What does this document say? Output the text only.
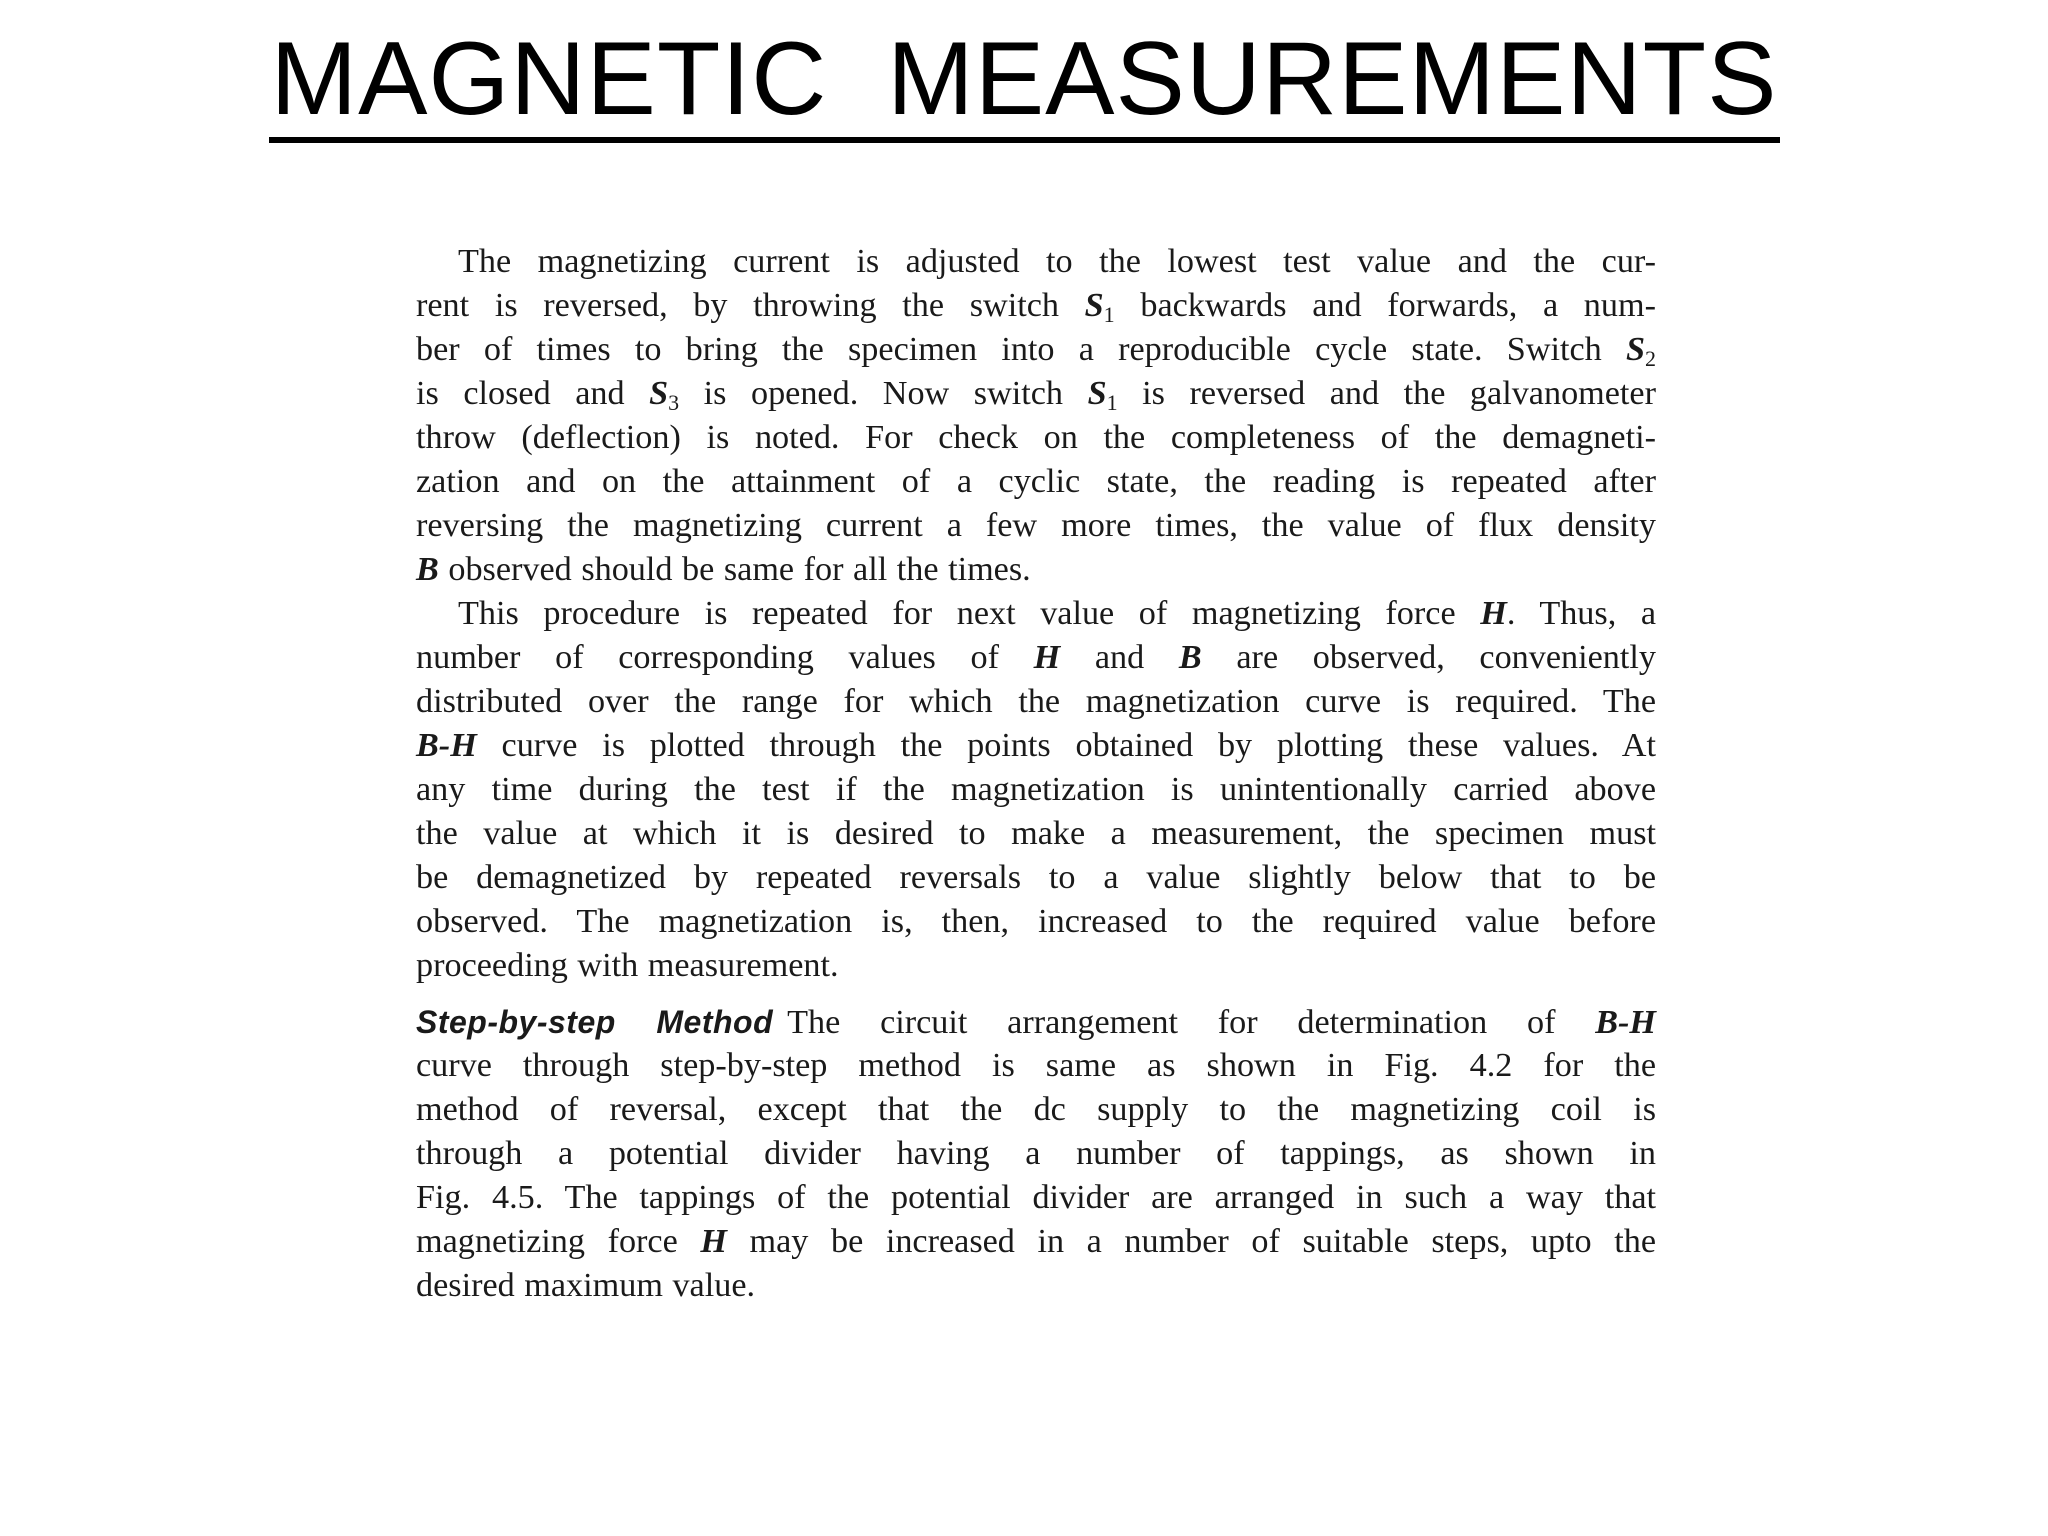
MAGNETIC  MEASUREMENTS
The magnetizing current is adjusted to the lowest test value and the cur-
rent is reversed, by throwing the switch $S_1$ backwards and forwards, a num-
ber of times to bring the specimen into a reproducible cycle state. Switch $S_2$
is closed and $S_3$ is opened. Now switch $S_1$ is reversed and the galvanometer
throw (deflection) is noted. For check on the completeness of the demagneti-
zation and on the attainment of a cyclic state, the reading is repeated after
reversing the magnetizing current a few more times, the value of flux density
B observed should be same for all the times.
This procedure is repeated for next value of magnetizing force H. Thus, a
number of corresponding values of H and B are observed, conveniently
distributed over the range for which the magnetization curve is required. The
B-H curve is plotted through the points obtained by plotting these values. At
any time during the test if the magnetization is unintentionally carried above
the value at which it is desired to make a measurement, the specimen must
be demagnetized by repeated reversals to a value slightly below that to be
observed. The magnetization is, then, increased to the required value before
proceeding with measurement.
Step-by-step Method The circuit arrangement for determination of B-H
curve through step-by-step method is same as shown in Fig. 4.2 for the
method of reversal, except that the dc supply to the magnetizing coil is
through a potential divider having a number of tappings, as shown in
Fig. 4.5. The tappings of the potential divider are arranged in such a way that
magnetizing force H may be increased in a number of suitable steps, upto the
desired maximum value.
